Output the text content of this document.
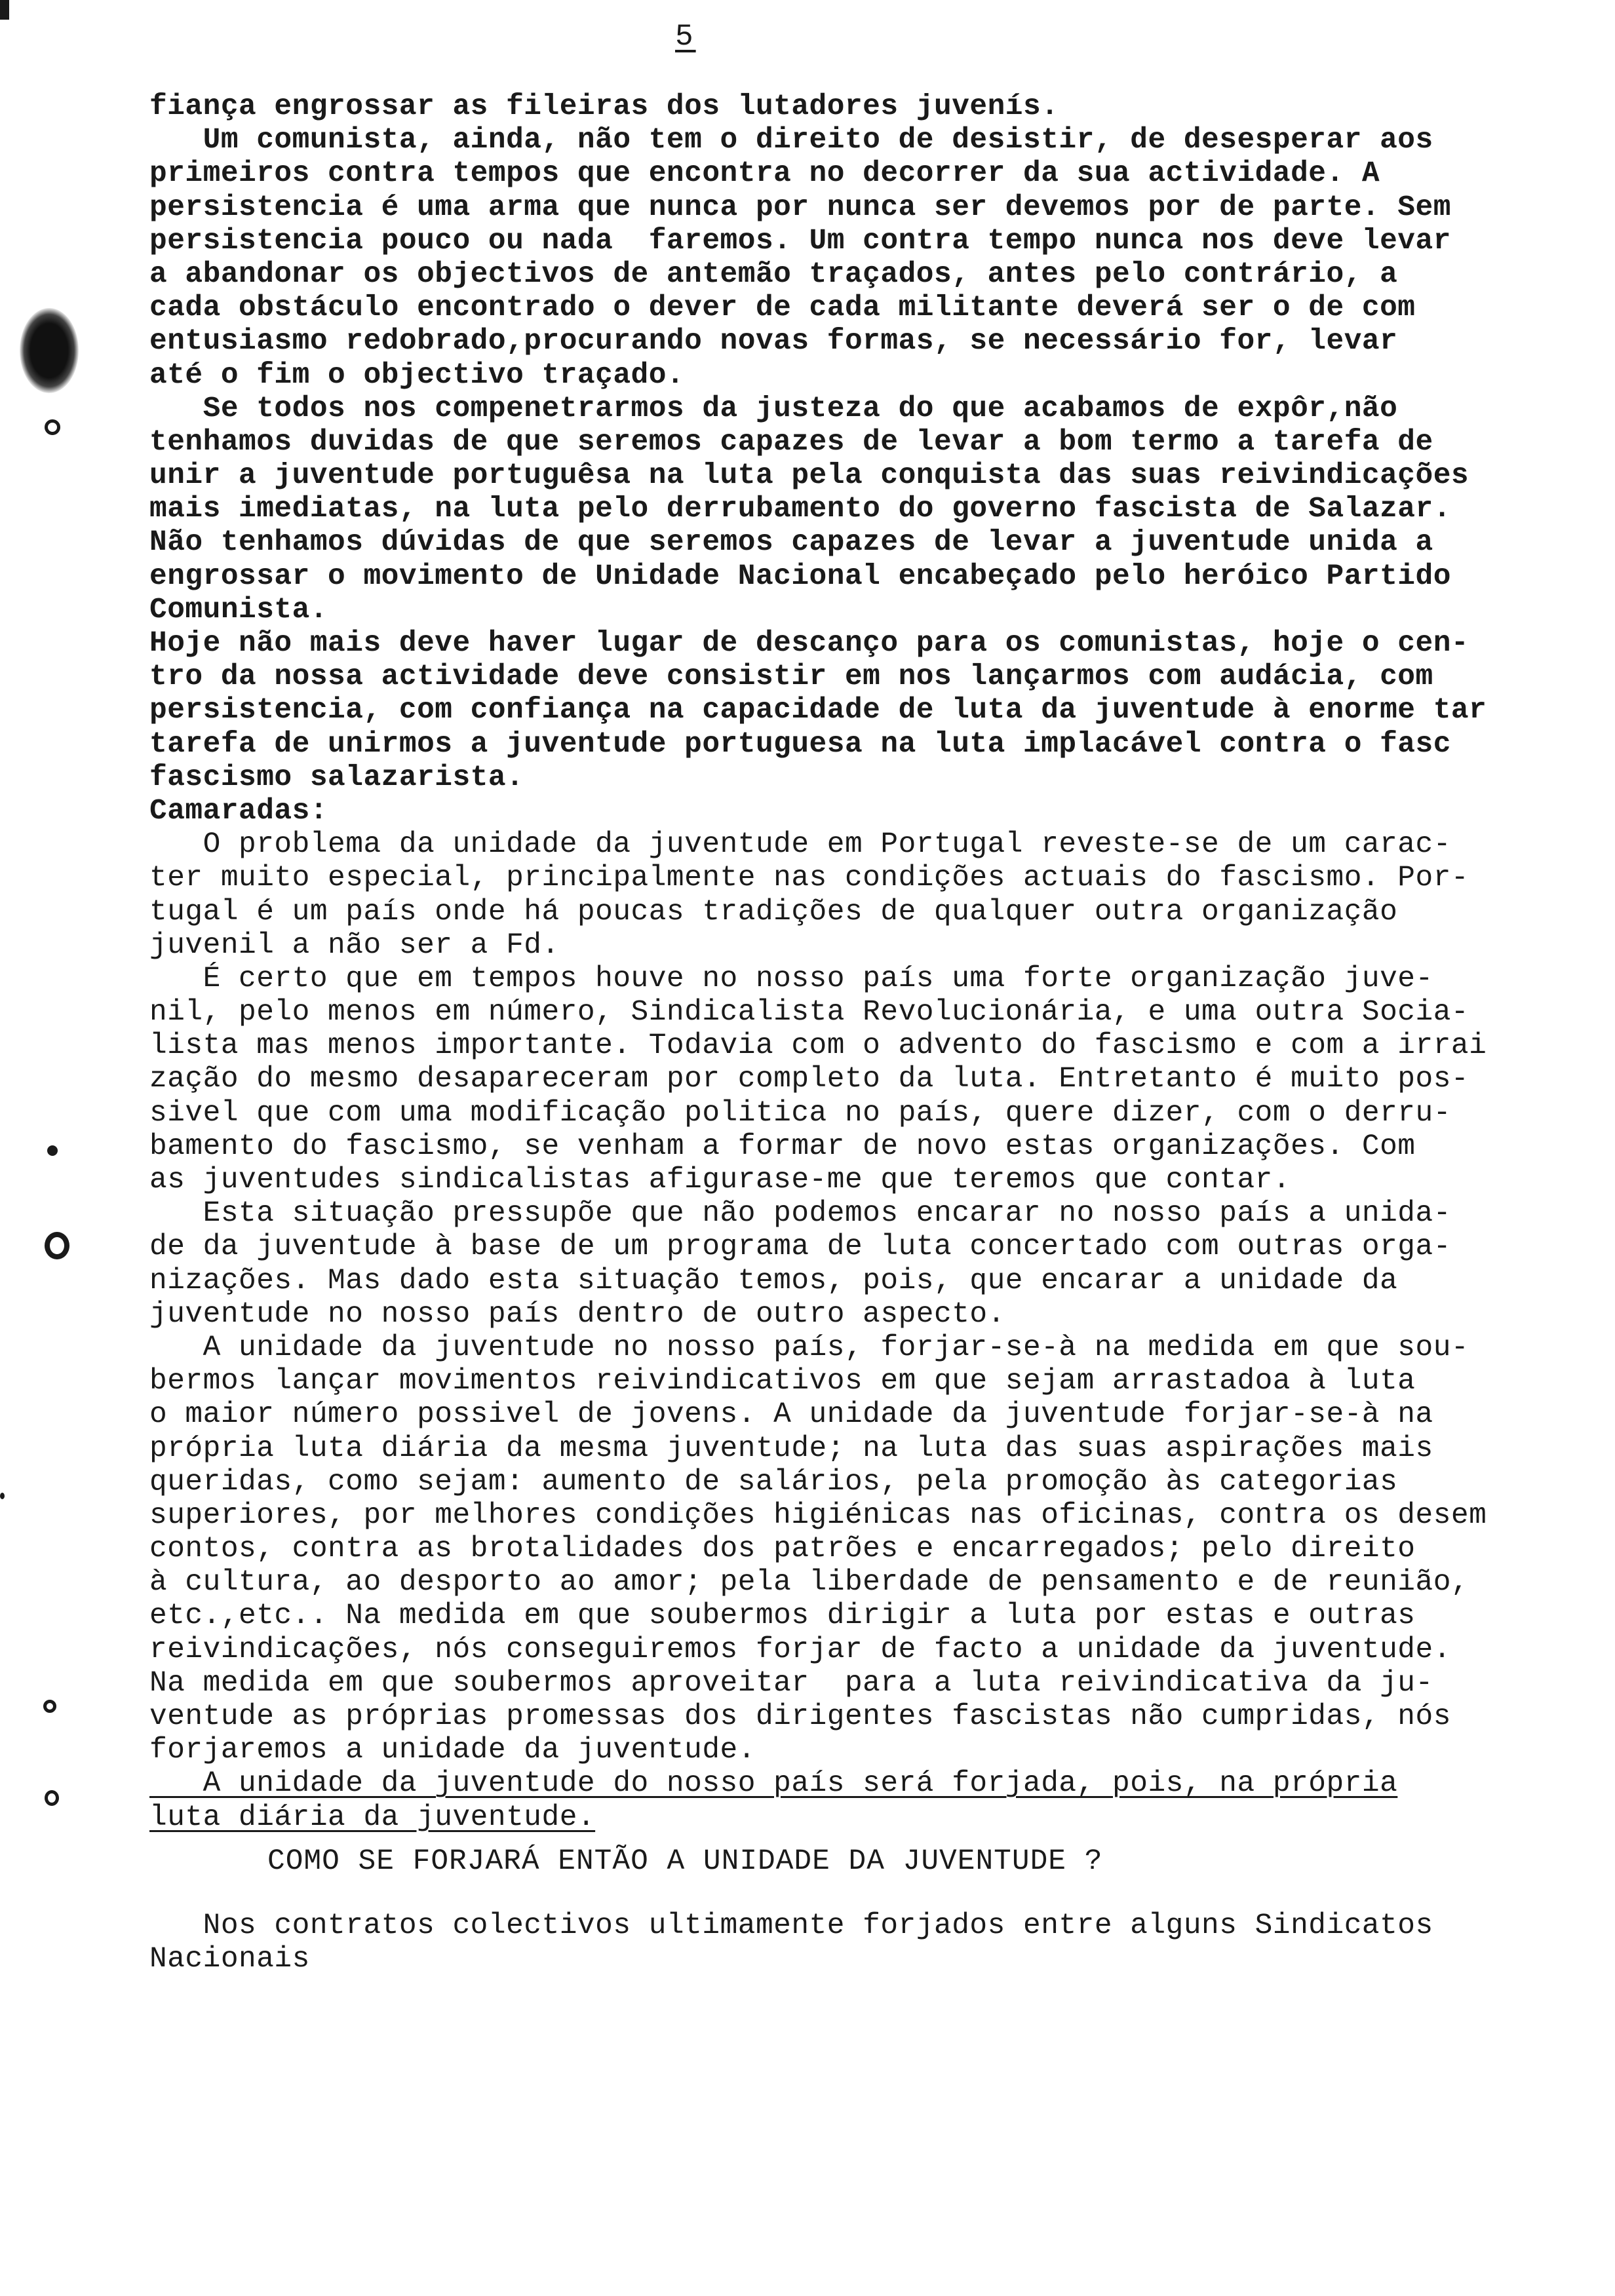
5
fiança engrossar as fileiras dos lutadores juvenís.
Um comunista, ainda, não tem o direito de desistir, de desesperar aos
primeiros contra tempos que encontra no decorrer da sua actividade. A
persistencia é uma arma que nunca por nunca ser devemos por de parte. Sem
persistencia pouco ou nada  faremos. Um contra tempo nunca nos deve levar
a abandonar os objectivos de antemão traçados, antes pelo contrário, a
cada obstáculo encontrado o dever de cada militante deverá ser o de com
entusiasmo redobrado,procurando novas formas, se necessário for, levar
até o fim o objectivo traçado.
Se todos nos compenetrarmos da justeza do que acabamos de expôr,não
tenhamos duvidas de que seremos capazes de levar a bom termo a tarefa de
unir a juventude portuguêsa na luta pela conquista das suas reivindicações
mais imediatas, na luta pelo derrubamento do governo fascista de Salazar.
Não tenhamos dúvidas de que seremos capazes de levar a juventude unida a
engrossar o movimento de Unidade Nacional encabeçado pelo heróico Partido
Comunista.
Hoje não mais deve haver lugar de descanço para os comunistas, hoje o cen-
tro da nossa actividade deve consistir em nos lançarmos com audácia, com
persistencia, com confiança na capacidade de luta da juventude à enorme tar
tarefa de unirmos a juventude portuguesa na luta implacável contra o fasc
fascismo salazarista.
Camaradas:
O problema da unidade da juventude em Portugal reveste-se de um carac-
ter muito especial, principalmente nas condições actuais do fascismo. Por-
tugal é um país onde há poucas tradições de qualquer outra organização
juvenil a não ser a Fd.
É certo que em tempos houve no nosso país uma forte organização juve-
nil, pelo menos em número, Sindicalista Revolucionária, e uma outra Socia-
lista mas menos importante. Todavia com o advento do fascismo e com a irrai
zação do mesmo desapareceram por completo da luta. Entretanto é muito pos-
sivel que com uma modificação politica no país, quere dizer, com o derru-
bamento do fascismo, se venham a formar de novo estas organizações. Com
as juventudes sindicalistas afigurase-me que teremos que contar.
Esta situação pressupõe que não podemos encarar no nosso país a unida-
de da juventude à base de um programa de luta concertado com outras orga-
nizações. Mas dado esta situação temos, pois, que encarar a unidade da
juventude no nosso país dentro de outro aspecto.
A unidade da juventude no nosso país, forjar-se-à na medida em que sou-
bermos lançar movimentos reivindicativos em que sejam arrastadoa à luta
o maior número possivel de jovens. A unidade da juventude forjar-se-à na
própria luta diária da mesma juventude; na luta das suas aspirações mais
queridas, como sejam: aumento de salários, pela promoção às categorias
superiores, por melhores condições higiénicas nas oficinas, contra os desem
contos, contra as brotalidades dos patrões e encarregados; pelo direito
à cultura, ao desporto ao amor; pela liberdade de pensamento e de reunião,
etc.,etc.. Na medida em que soubermos dirigir a luta por estas e outras
reivindicações, nós conseguiremos forjar de facto a unidade da juventude.
Na medida em que soubermos aproveitar  para a luta reivindicativa da ju-
ventude as próprias promessas dos dirigentes fascistas não cumpridas, nós
forjaremos a unidade da juventude.
A unidade da juventude do nosso país será forjada, pois, na própria
luta diária da juventude.
COMO SE FORJARÁ ENTÃO A UNIDADE DA JUVENTUDE ?
Nos contratos colectivos ultimamente forjados entre alguns Sindicatos
Nacionais
